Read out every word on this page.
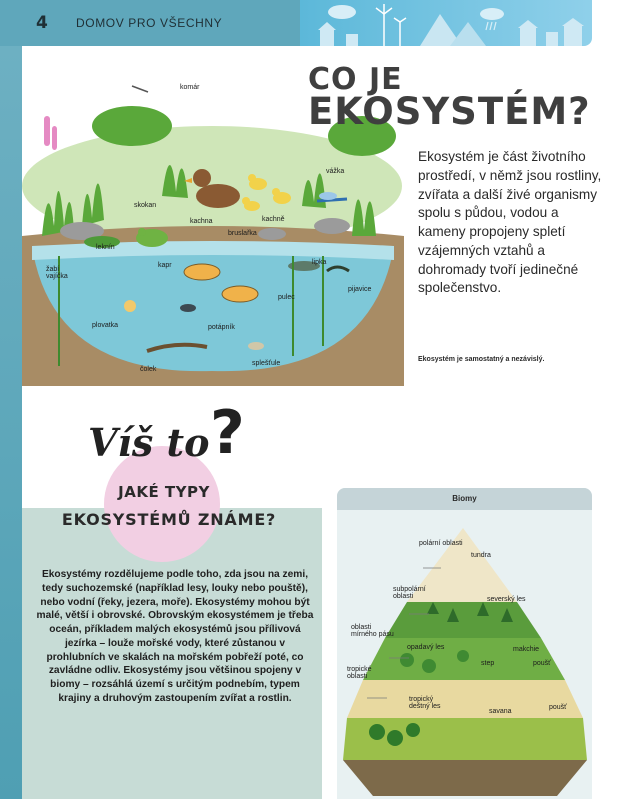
4 DOMOV PRO VŠECHNY
komár
vážka
skokan
kachna	kachně
bruslařka
leknín
žabí vajíčka
kapr	lipka
pulec
pijavice
plovatka	potápník
čolek
splešťule
CO JE
EKOSYSTÉM?
Ekosystém je část životního prostředí, v němž jsou rostliny, zvířata a další živé organismy spolu s půdou, vodou a kameny propojeny spletí vzájemných vztahů a dohromady tvoří jedinečné společenstvo.
Ekosystém je samostatný a nezávislý.
Víš to ?
JAKÉ TYPY
EKOSYSTÉMŮ ZNÁME?
Ekosystémy rozdělujeme podle toho, zda jsou na zemi, tedy suchozemské (například lesy, louky nebo pouště), nebo vodní (řeky, jezera, moře). Ekosystémy mohou být malé, větší i obrovské. Obrovským ekosystémem je třeba oceán, příkladem malých ekosystémů jsou přílivová jezírka – louže mořské vody, které zůstanou v prohlubních ve skalách na mořském pobřeží poté, co zavládne odliv. Ekosystémy jsou většinou spojeny v biomy – rozsáhlá území s určitým podnebím, typem krajiny a druhovým zastoupením zvířat a rostlin.
Biomy
polární oblasti
tundra
subpolární oblasti	severský les
oblasti mírného pásu
opadavý les	makchie
step	poušť
tropické oblasti
tropický deštný les
savana
poušť
